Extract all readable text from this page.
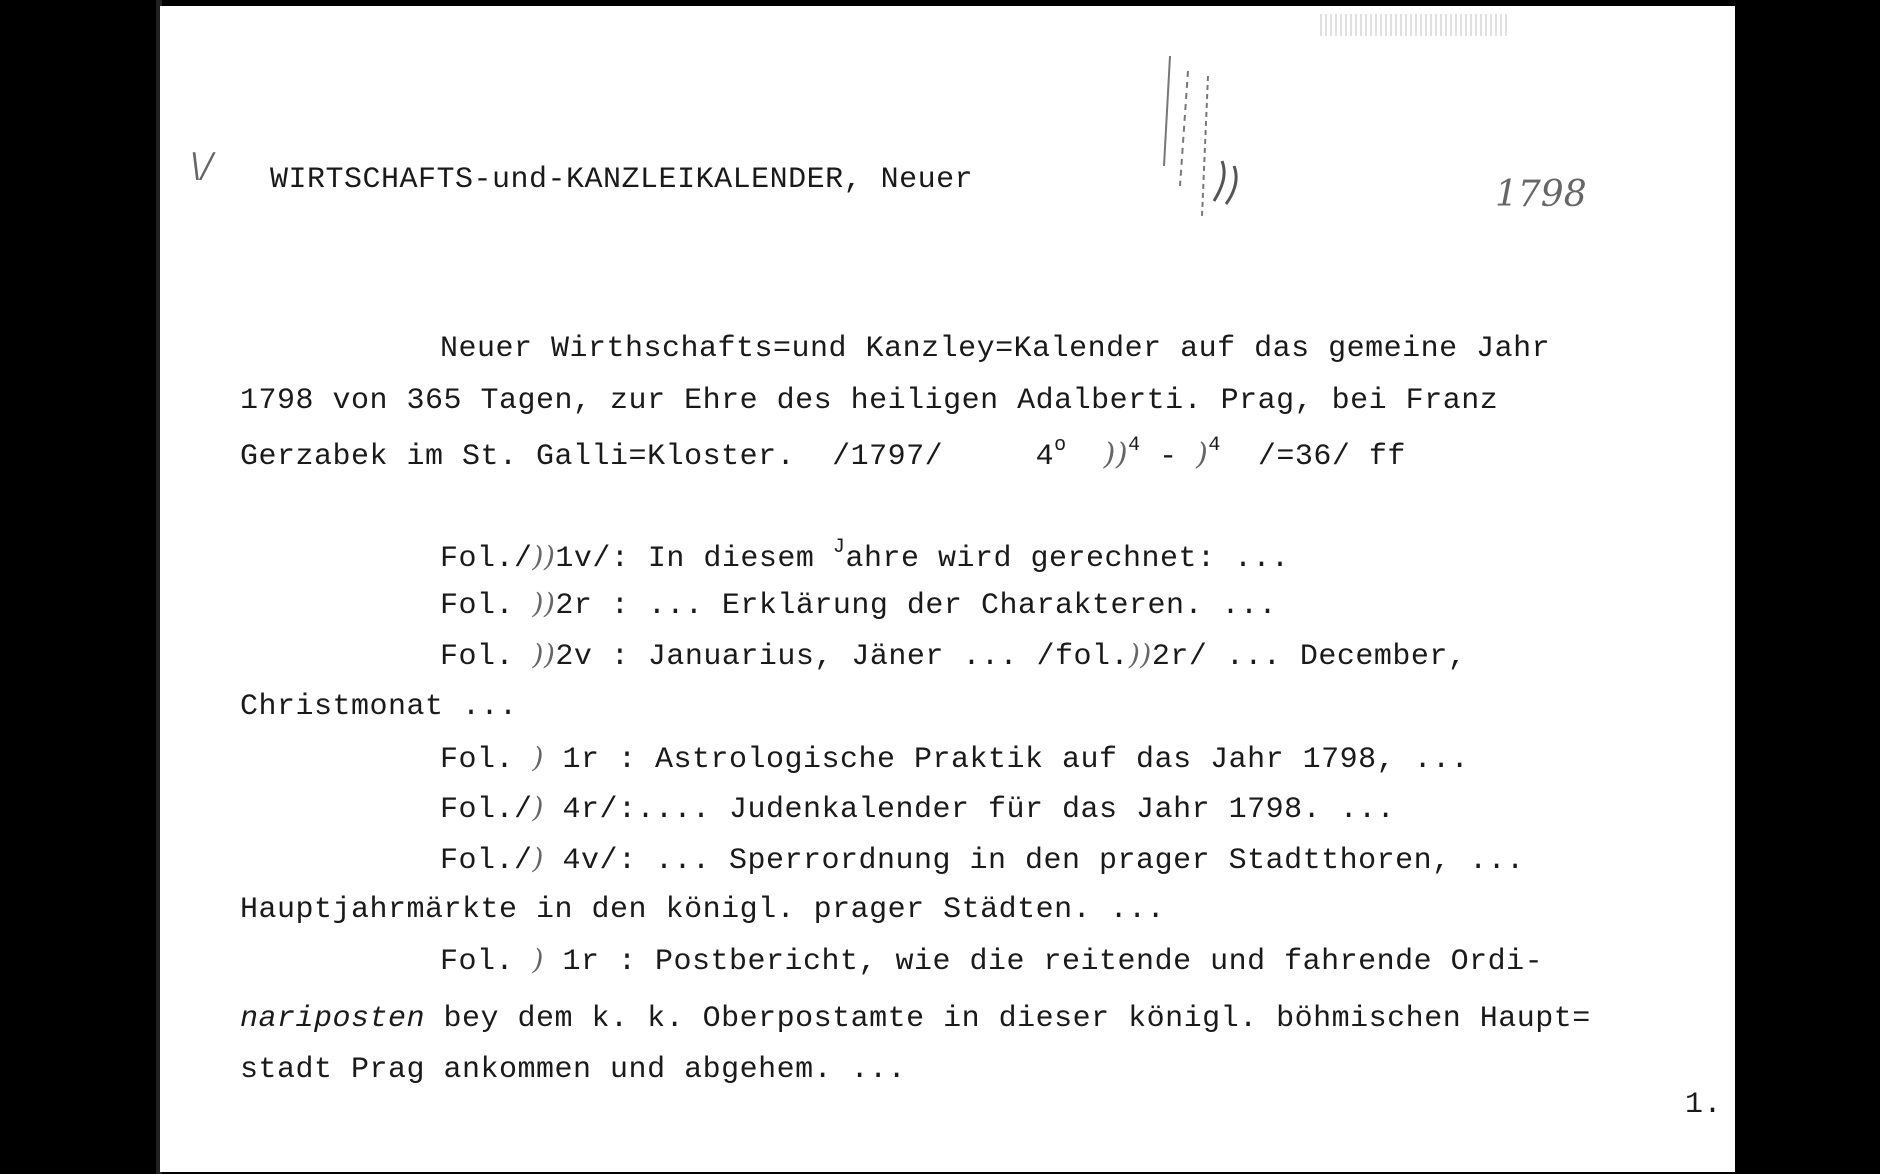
\/ WIRTSCHAFTS-und-KANZLEIKALENDER, Neuer	1798
Neuer Wirthschafts=und Kanzley=Kalender auf das gemeine Jahr
1798 von 365 Tagen, zur Ehre des heiligen Adalberti. Prag, bei Franz
Gerzabek im St. Galli=Kloster.  /1797/     4$^o$ ))$^4$ - )$^4$  /=36/ ff
Fol./))1v/: In diesem $^J$ahre wird gerechnet: ...
Fol. ))2r : ... Erklärung der Charakteren. ...
Fol. ))2v : Januarius, Jäner ... /fol.))2r/ ... December,
Christmonat ...
Fol. ) 1r : Astrologische Praktik auf das Jahr 1798, ...
Fol./) 4r/:.... Judenkalender für das Jahr 1798. ...
Fol./) 4v/: ... Sperrordnung in den prager Stadtthoren, ...
Hauptjahrmärkte in den königl. prager Städten. ...
Fol. ) 1r : Postbericht, wie die reitende und fahrende Ordi-
nariposten bey dem k. k. Oberpostamte in dieser königl. böhmischen Haupt=
stadt Prag ankommen und abgehem. ...
1.
